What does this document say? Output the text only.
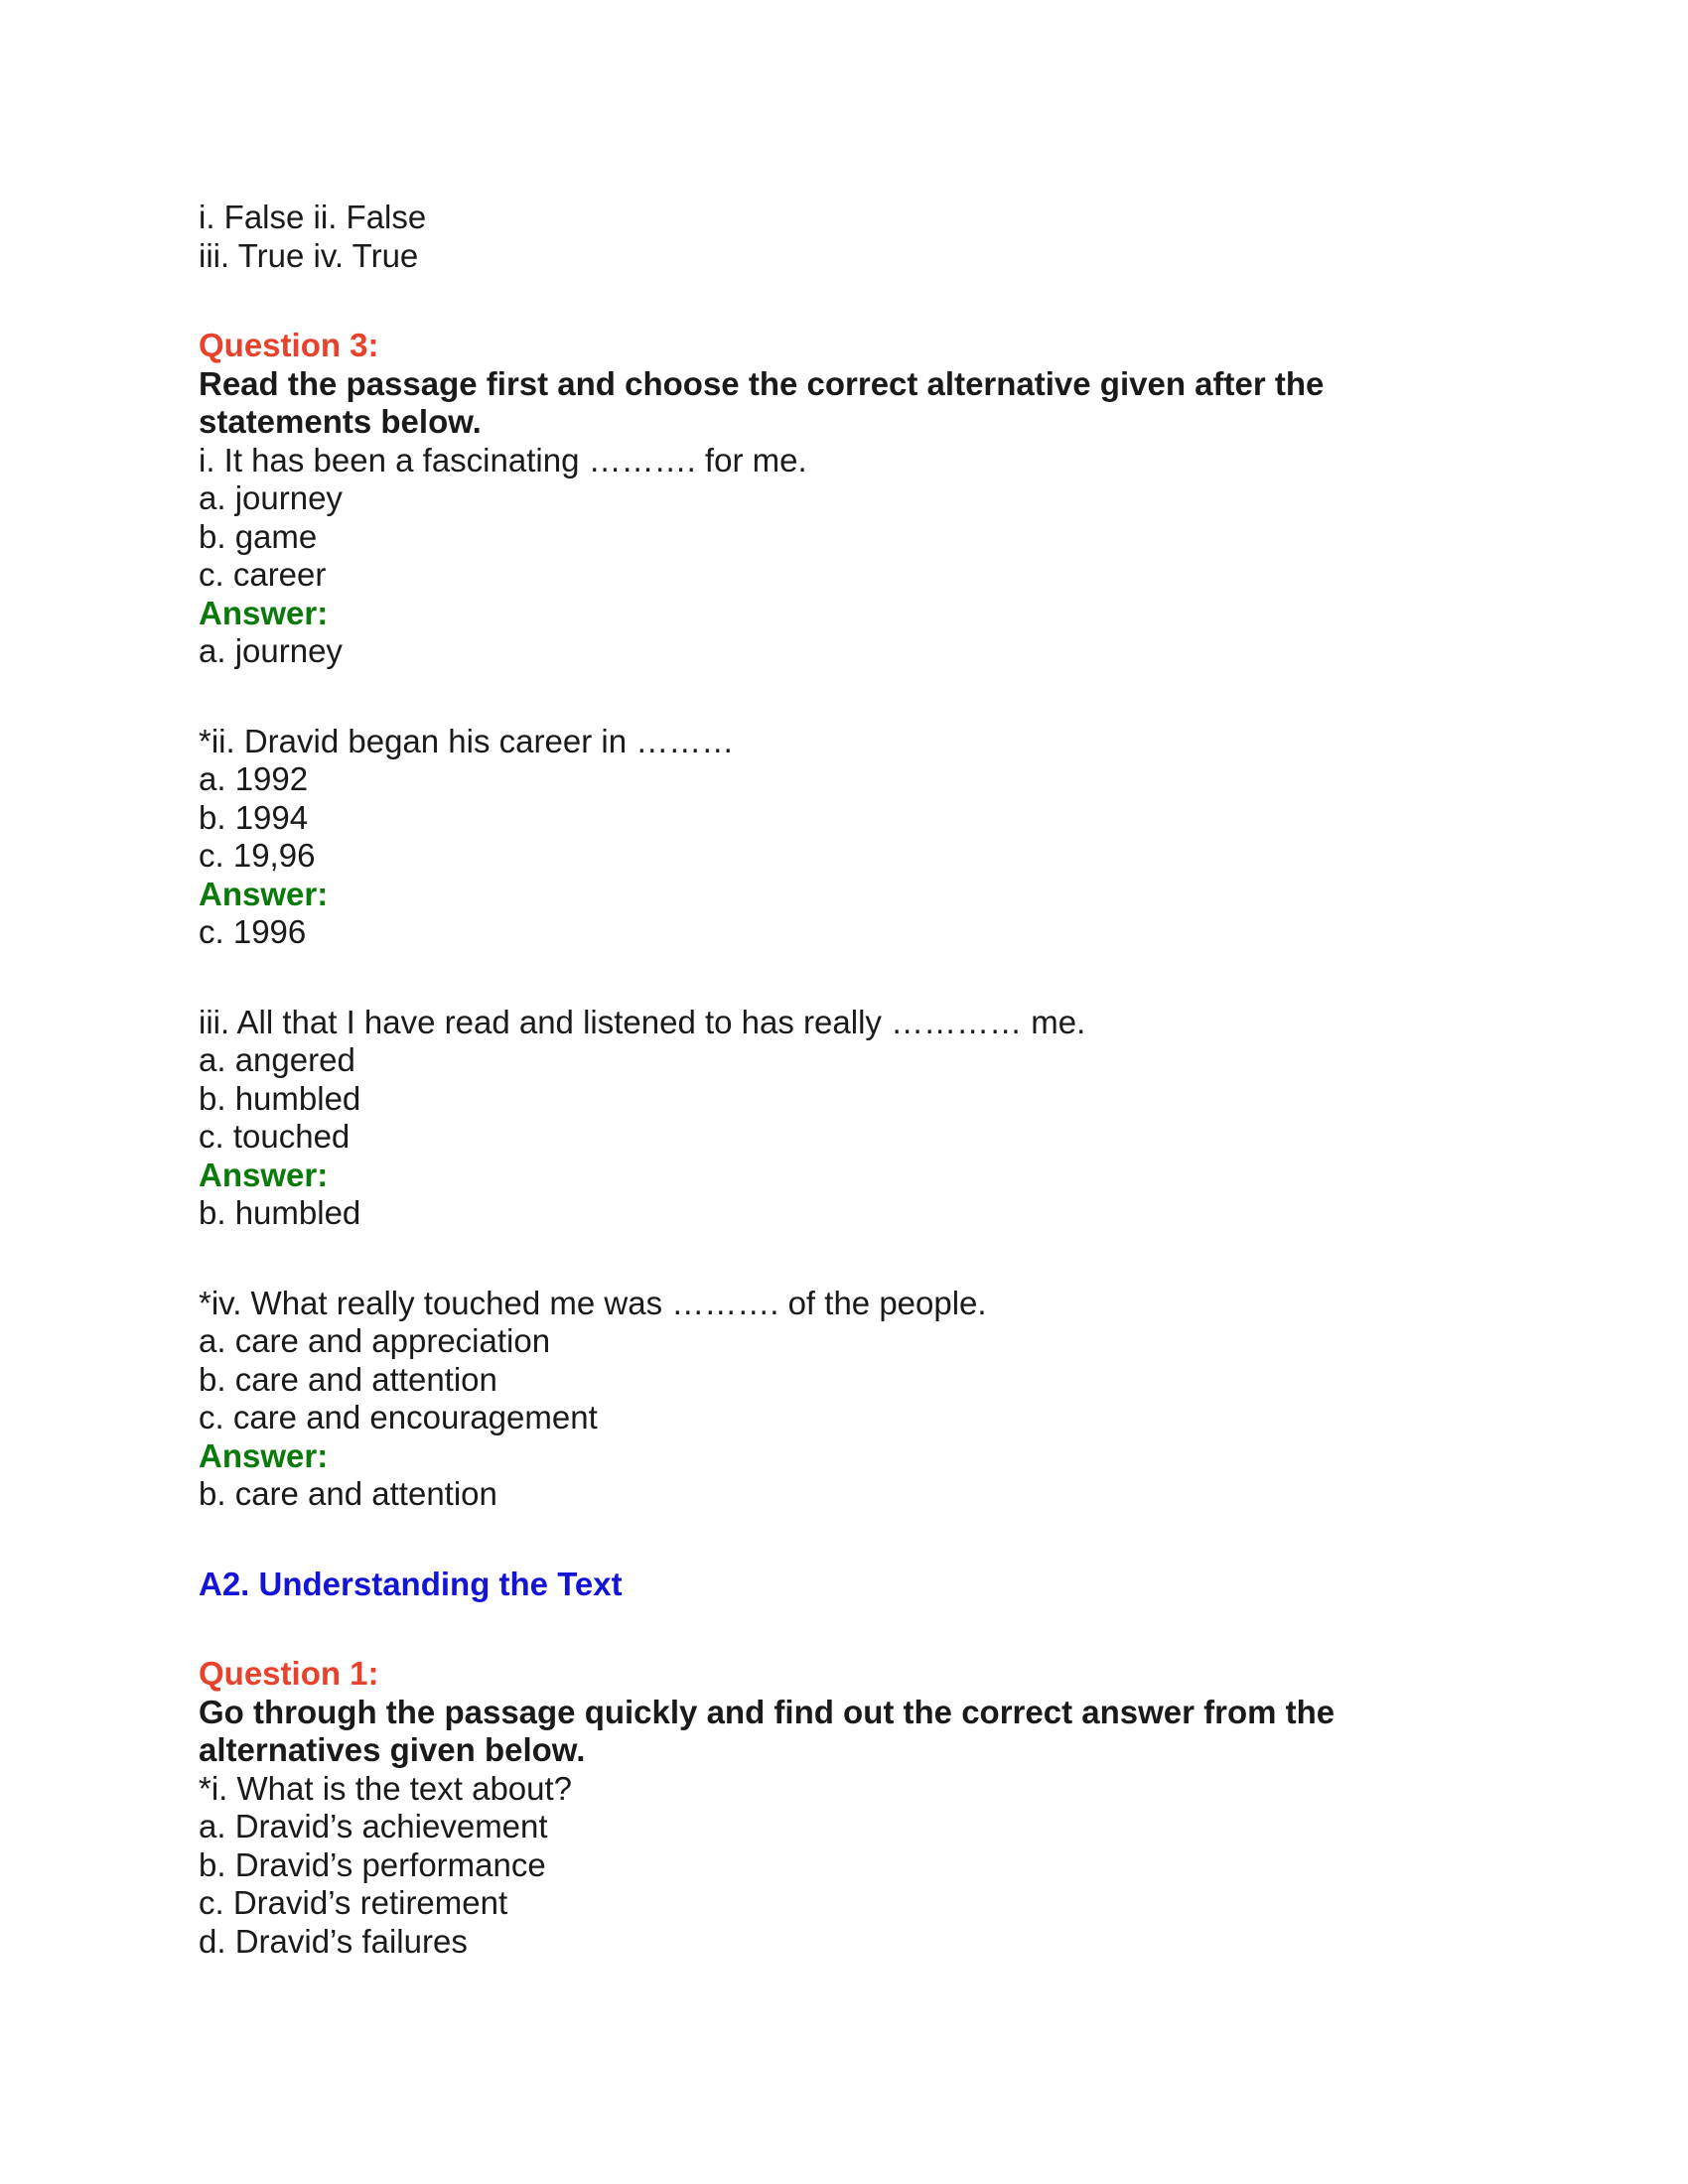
i. False ii. False

iii. True iv. True

Question 3:
Read the passage first and choose the correct alternative given after the statements below.

i. It has been a fascinating ………. for me.

a. journey

b. game

c. career

Answer:

a. journey

*ii. Dravid began his career in ………

a. 1992

b. 1994

c. 19,96

Answer:

c. 1996

iii. All that I have read and listened to has really ………… me.

a. angered

b. humbled

c. touched

Answer:

b. humbled

*iv. What really touched me was ………. of the people.

a. care and appreciation

b. care and attention

c. care and encouragement

Answer:

b. care and attention

A2. Understanding the Text
Question 1:
Go through the passage quickly and find out the correct answer from the alternatives given below.

*i. What is the text about?

a. Dravid’s achievement

b. Dravid’s performance

c. Dravid’s retirement

d. Dravid’s failures
